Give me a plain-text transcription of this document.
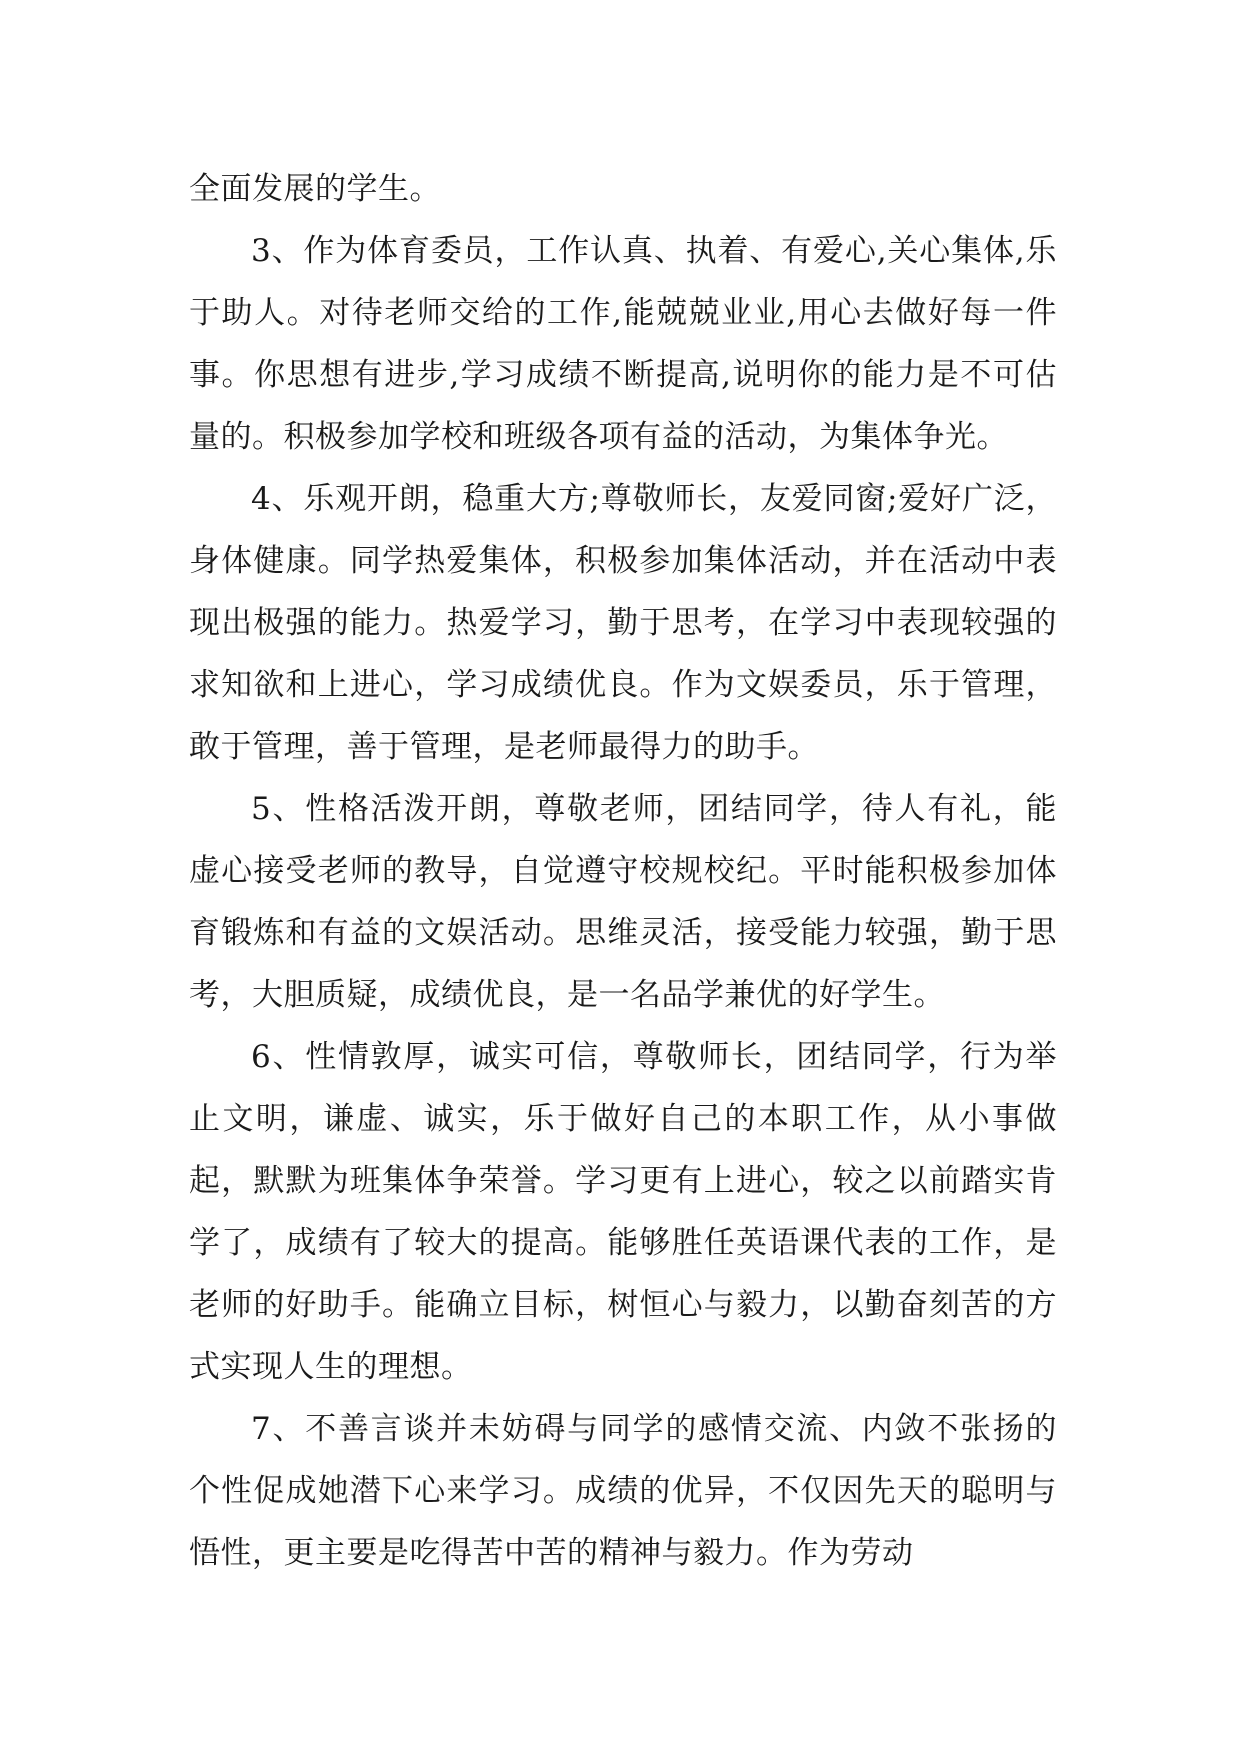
全面发展的学生。

3、作为体育委员，工作认真、执着、有爱心,关心集体,乐于助人。对待老师交给的工作,能兢兢业业,用心去做好每一件事。你思想有进步,学习成绩不断提高,说明你的能力是不可估量的。积极参加学校和班级各项有益的活动，为集体争光。

4、乐观开朗，稳重大方;尊敬师长，友爱同窗;爱好广泛，身体健康。同学热爱集体，积极参加集体活动，并在活动中表现出极强的能力。热爱学习，勤于思考，在学习中表现较强的求知欲和上进心，学习成绩优良。作为文娱委员，乐于管理，敢于管理，善于管理，是老师最得力的助手。

5、性格活泼开朗，尊敬老师，团结同学，待人有礼，能虚心接受老师的教导，自觉遵守校规校纪。平时能积极参加体育锻炼和有益的文娱活动。思维灵活，接受能力较强，勤于思考，大胆质疑，成绩优良，是一名品学兼优的好学生。

6、性情敦厚，诚实可信，尊敬师长，团结同学，行为举止文明，谦虚、诚实，乐于做好自己的本职工作，从小事做起，默默为班集体争荣誉。学习更有上进心，较之以前踏实肯学了，成绩有了较大的提高。能够胜任英语课代表的工作，是老师的好助手。能确立目标，树恒心与毅力，以勤奋刻苦的方式实现人生的理想。

7、不善言谈并未妨碍与同学的感情交流、内敛不张扬的个性促成她潜下心来学习。成绩的优异，不仅因先天的聪明与悟性，更主要是吃得苦中苦的精神与毅力。作为劳动
